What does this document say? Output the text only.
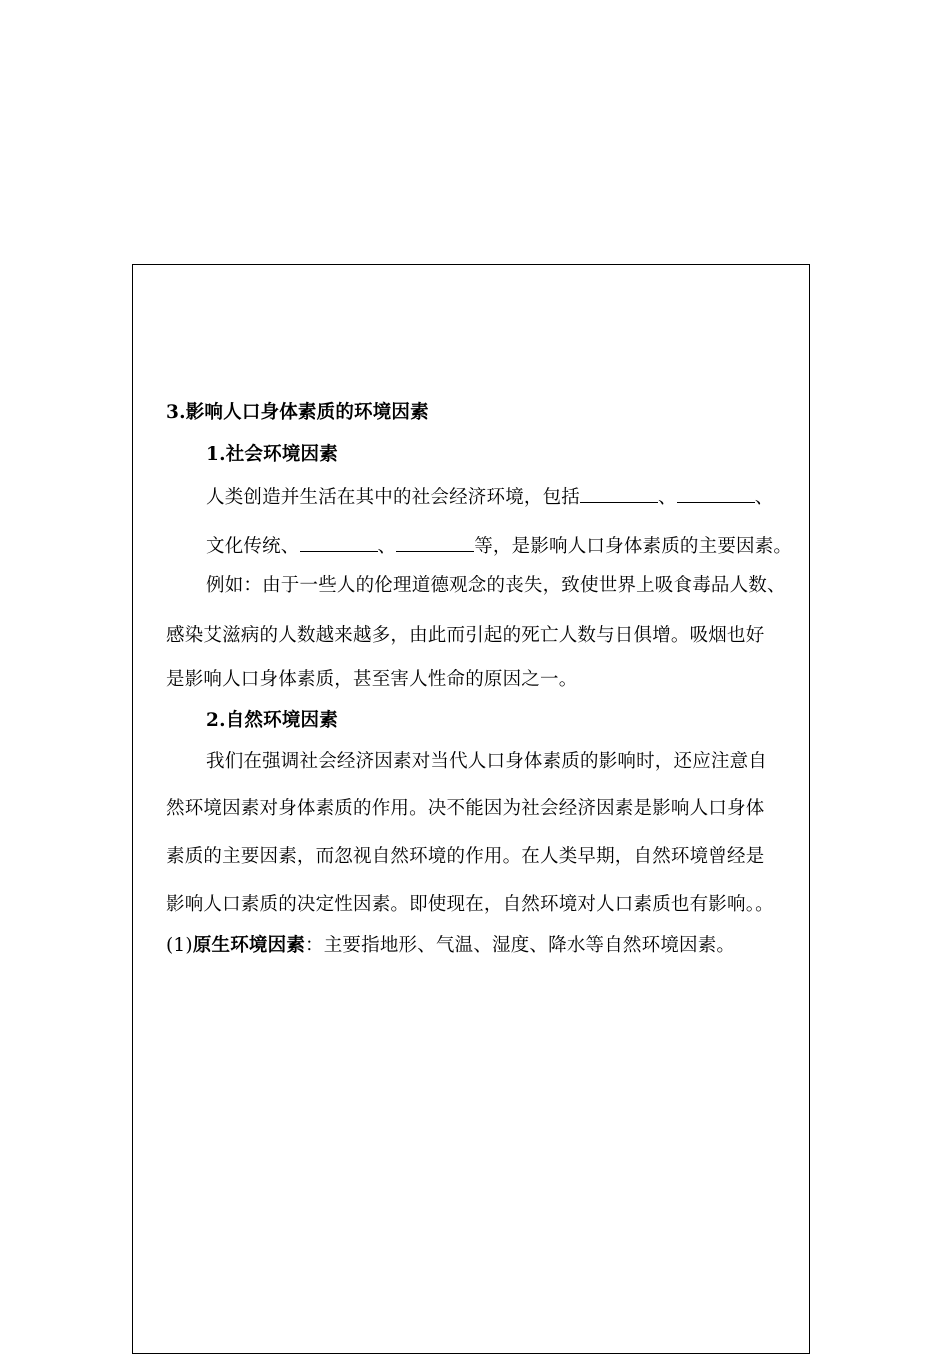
3.影响人口身体素质的环境因素
1.社会环境因素
人类创造并生活在其中的社会经济环境，包括	、	、
文化传统、	、	等，是影响人口身体素质的主要因素。
例如：由于一些人的伦理道德观念的丧失，致使世界上吸食毒品人数、
感染艾滋病的人数越来越多，由此而引起的死亡人数与日俱增。吸烟也好
是影响人口身体素质，甚至害人性命的原因之一。
2.自然环境因素
我们在强调社会经济因素对当代人口身体素质的影响时，还应注意自
然环境因素对身体素质的作用。决不能因为社会经济因素是影响人口身体
素质的主要因素，而忽视自然环境的作用。在人类早期，自然环境曾经是
影响人口素质的决定性因素。即使现在，自然环境对人口素质也有影响。。
(1)原生环境因素：主要指地形、气温、湿度、降水等自然环境因素。
